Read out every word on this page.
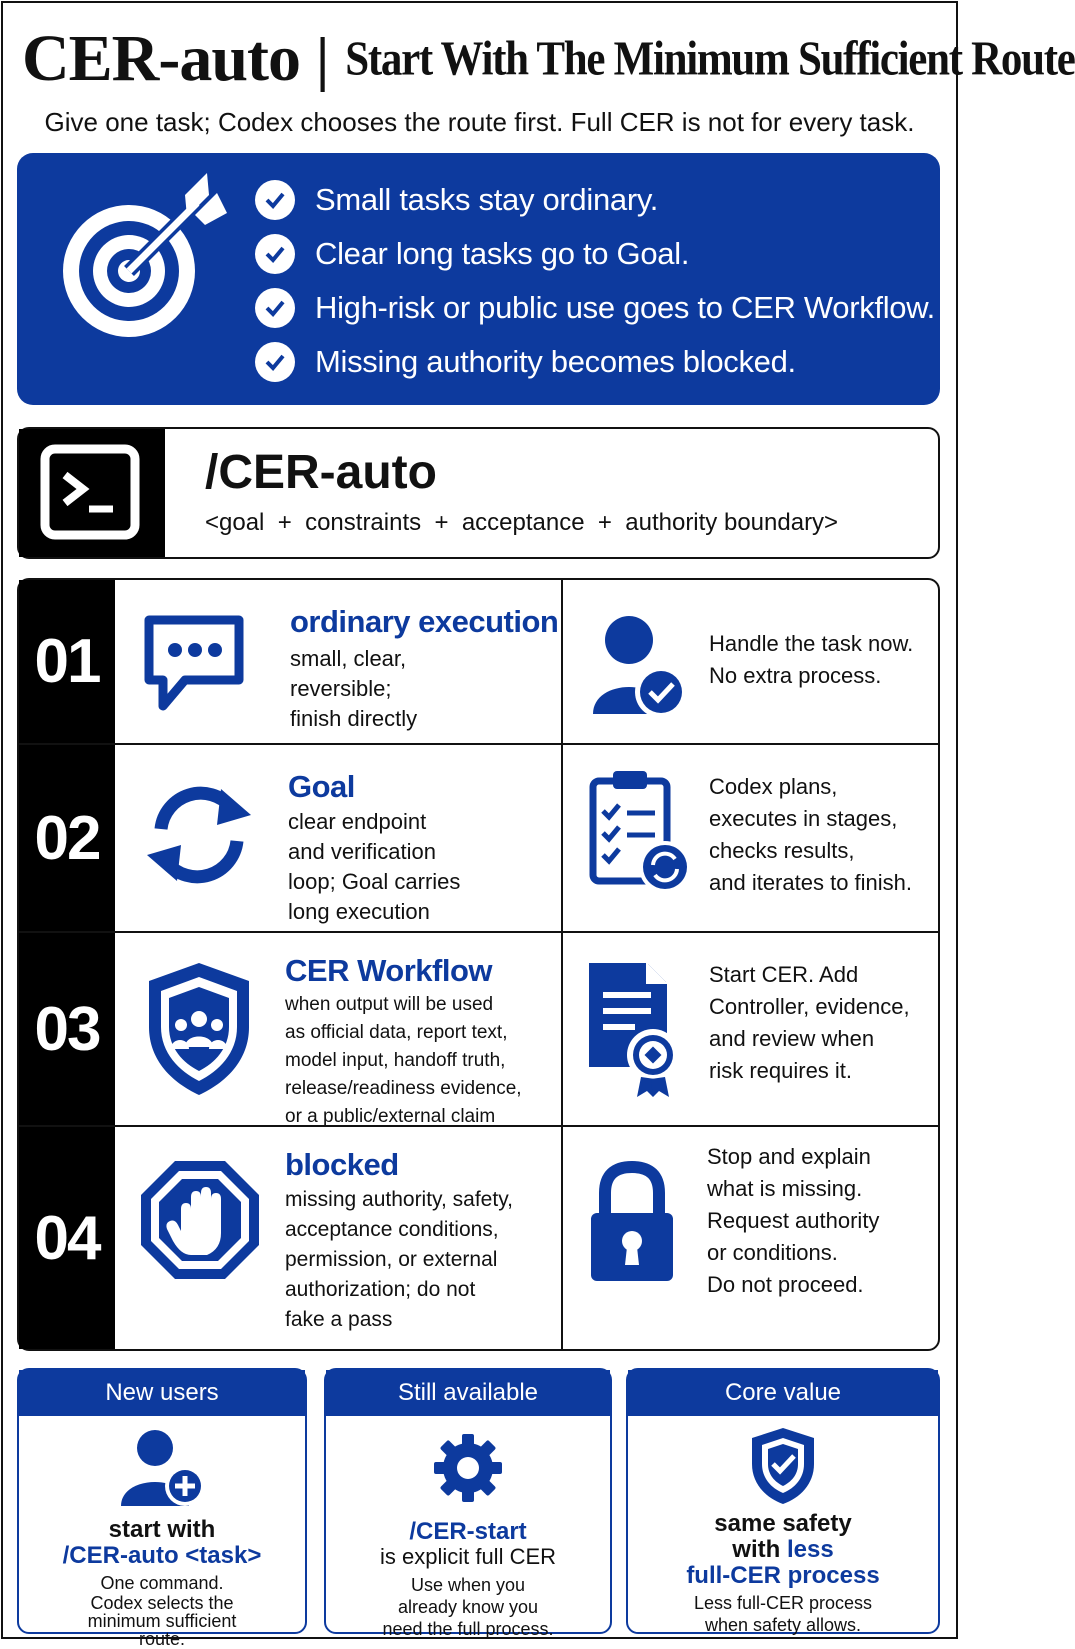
CER-auto | Start With The Minimum Sufficient Route
Give one task; Codex chooses the route first. Full CER is not for every task.
Small tasks stay ordinary.
Clear long tasks go to Goal.
High-risk or public use goes to CER Workflow.
Missing authority becomes blocked.
/CER-auto
<goal  +  constraints  +  acceptance  +  authority boundary>
01
ordinary execution
small, clear,
reversible;
finish directly
Handle the task now.
No extra process.
02
Goal
clear endpoint
and verification
loop; Goal carries
long execution
Codex plans,
executes in stages,
checks results,
and iterates to finish.
03
CER Workflow
when output will be used
as official data, report text,
model input, handoff truth,
release/readiness evidence,
or a public/external claim
Start CER. Add
Controller, evidence,
and review when
risk requires it.
04
blocked
missing authority, safety,
acceptance conditions,
permission, or external
authorization; do not
fake a pass
Stop and explain
what is missing.
Request authority
or conditions.
Do not proceed.
New users
start with
/CER-auto <task>
One command.
Codex selects the
minimum sufficient
route.
Still available
/CER-start
is explicit full CER
Use when you
already know you
need the full process.
Core value
same safety
with less
full-CER process
Less full-CER process
when safety allows.
